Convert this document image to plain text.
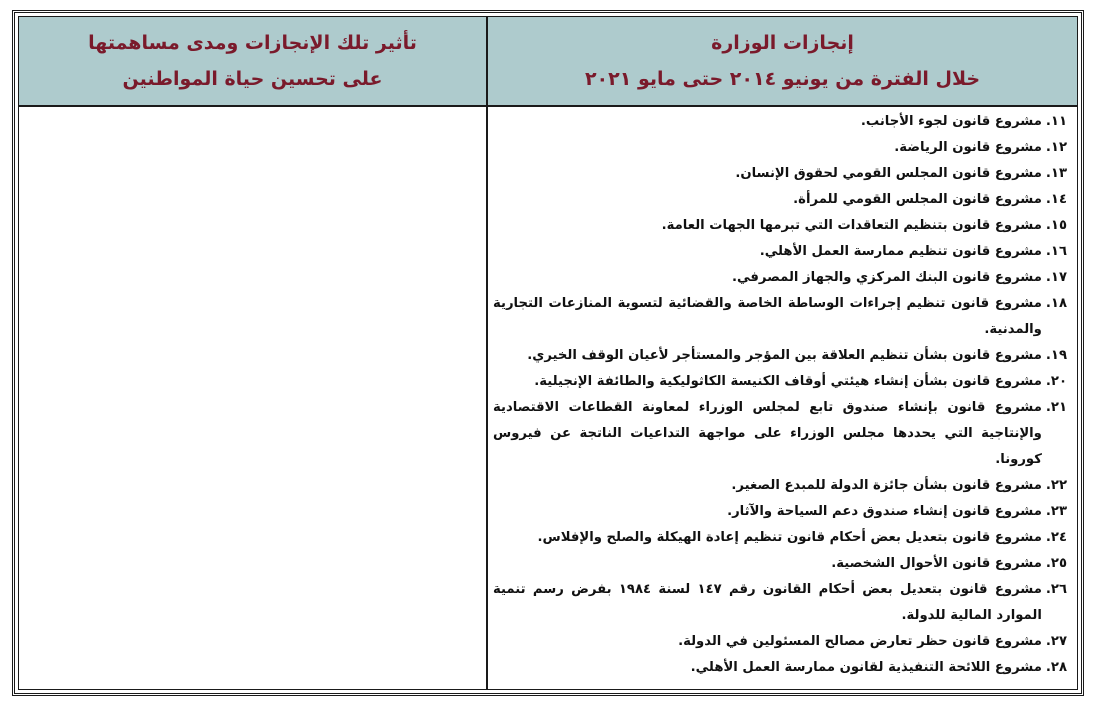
تأثير تلك الإنجازات ومدى مساهمتها
على تحسين حياة المواطنين
إنجازات الوزارة
خلال الفترة من يونيو ٢٠١٤ حتى مايو ٢٠٢١
١١.
مشروع قانون لجوء الأجانب.
١٢.
مشروع قانون الرياضة.
١٣.
مشروع قانون المجلس القومي لحقوق الإنسان.
١٤.
مشروع قانون المجلس القومي للمرأة.
١٥.
مشروع قانون بتنظيم التعاقدات التي تبرمها الجهات العامة.
١٦.
مشروع قانون تنظيم ممارسة العمل الأهلي.
١٧.
مشروع قانون البنك المركزي والجهاز المصرفي.
١٨.
مشروع قانون تنظيم إجراءات الوساطة الخاصة والقضائية لتسوية المنازعات التجارية والمدنية.
١٩.
مشروع قانون بشأن تنظيم العلاقة بين المؤجر والمستأجر لأعيان الوقف الخيري.
٢٠.
مشروع قانون بشأن إنشاء هيئتي أوقاف الكنيسة الكاثوليكية والطائفة الإنجيلية.
٢١.
مشروع قانون بإنشاء صندوق تابع لمجلس الوزراء لمعاونة القطاعات الاقتصادية والإنتاجية التي يحددها مجلس الوزراء على مواجهة التداعيات الناتجة عن فيروس كورونا.
٢٢.
مشروع قانون بشأن جائزة الدولة للمبدع الصغير.
٢٣.
مشروع قانون إنشاء صندوق دعم السياحة والآثار.
٢٤.
مشروع قانون بتعديل بعض أحكام قانون تنظيم إعادة الهيكلة والصلح والإفلاس.
٢٥.
مشروع قانون الأحوال الشخصية.
٢٦.
مشروع قانون بتعديل بعض أحكام القانون رقم ١٤٧ لسنة ١٩٨٤ بفرض رسم تنمية الموارد المالية للدولة.
٢٧.
مشروع قانون حظر تعارض مصالح المسئولين في الدولة.
٢٨.
مشروع اللائحة التنفيذية لقانون ممارسة العمل الأهلي.
